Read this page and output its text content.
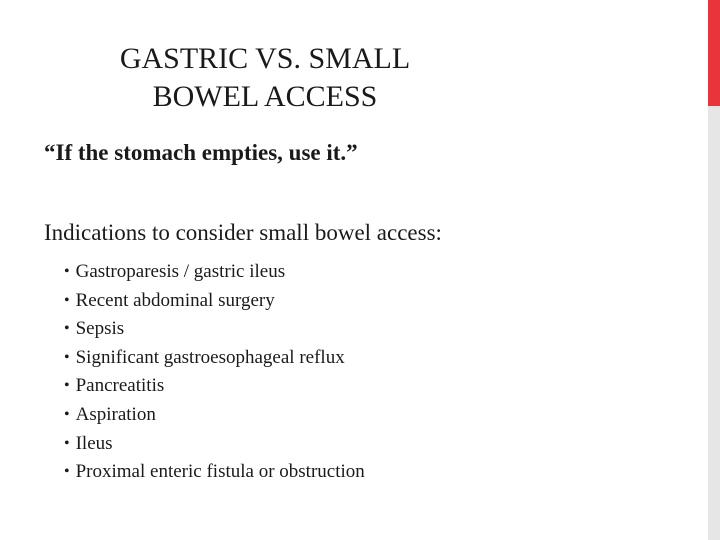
GASTRIC VS. SMALL BOWEL ACCESS
“If the stomach empties, use it.”
Indications to consider small bowel access:
• Gastroparesis / gastric ileus
• Recent abdominal surgery
• Sepsis
• Significant gastroesophageal reflux
• Pancreatitis
• Aspiration
• Ileus
• Proximal enteric fistula or obstruction
